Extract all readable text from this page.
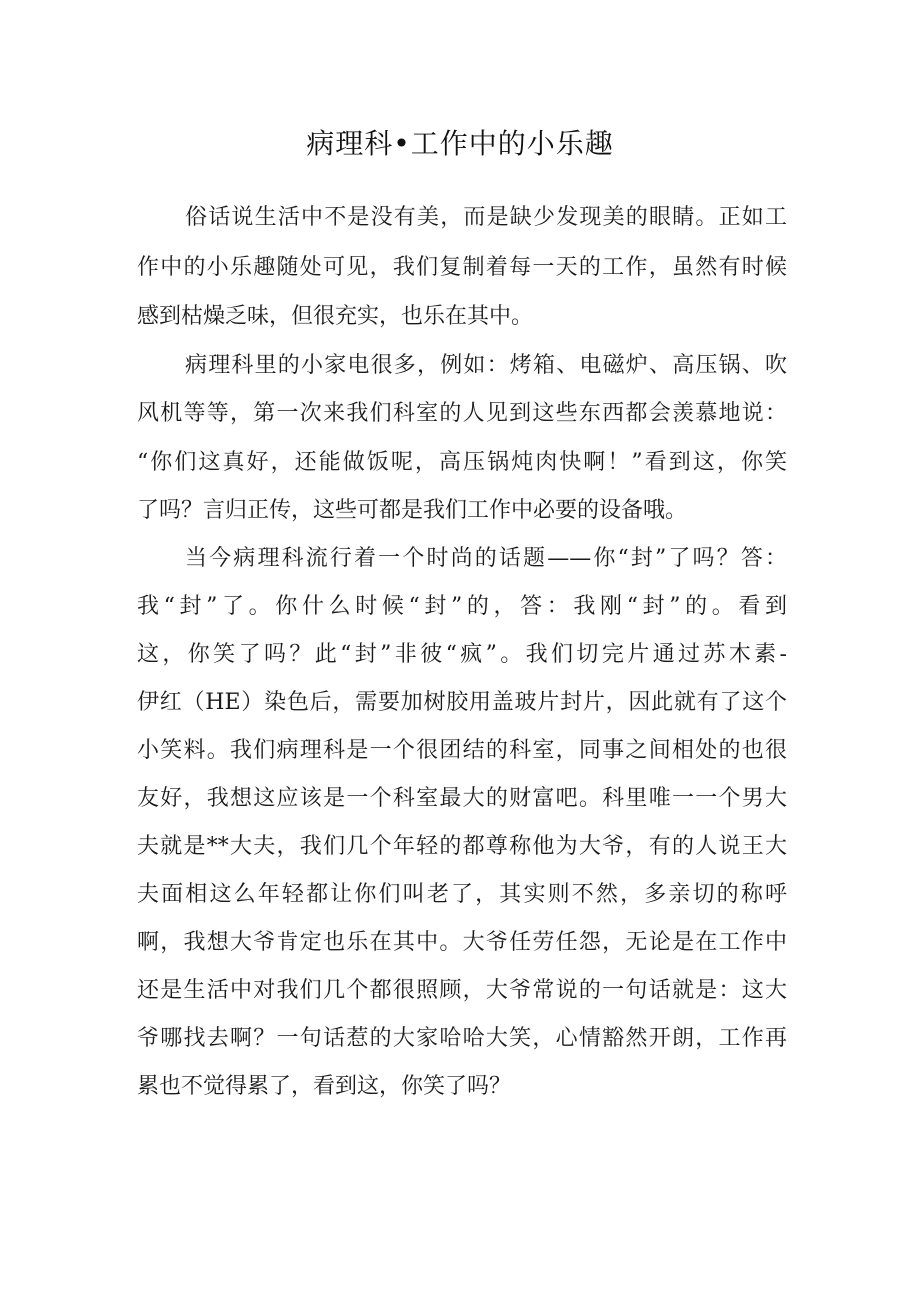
病理科•工作中的小乐趣
俗话说生活中不是没有美，而是缺少发现美的眼睛。正如工
作中的小乐趣随处可见，我们复制着每一天的工作，虽然有时候
感到枯燥乏味，但很充实，也乐在其中。
病理科里的小家电很多，例如：烤箱、电磁炉、高压锅、吹
风机等等，第一次来我们科室的人见到这些东西都会羡慕地说：
“你们这真好，还能做饭呢，高压锅炖肉快啊！”看到这，你笑
了吗？言归正传，这些可都是我们工作中必要的设备哦。
当今病理科流行着一个时尚的话题——你“封”了吗？答：
我“封”了。你什么时候“封”的，答：我刚“封”的。看到
这，你笑了吗？此“封”非彼“疯”。我们切完片通过苏木素-
伊红（HE）染色后，需要加树胶用盖玻片封片，因此就有了这个
小笑料。我们病理科是一个很团结的科室，同事之间相处的也很
友好，我想这应该是一个科室最大的财富吧。科里唯一一个男大
夫就是**大夫，我们几个年轻的都尊称他为大爷，有的人说王大
夫面相这么年轻都让你们叫老了，其实则不然，多亲切的称呼
啊，我想大爷肯定也乐在其中。大爷任劳任怨，无论是在工作中
还是生活中对我们几个都很照顾，大爷常说的一句话就是：这大
爷哪找去啊？一句话惹的大家哈哈大笑，心情豁然开朗，工作再
累也不觉得累了，看到这，你笑了吗？
